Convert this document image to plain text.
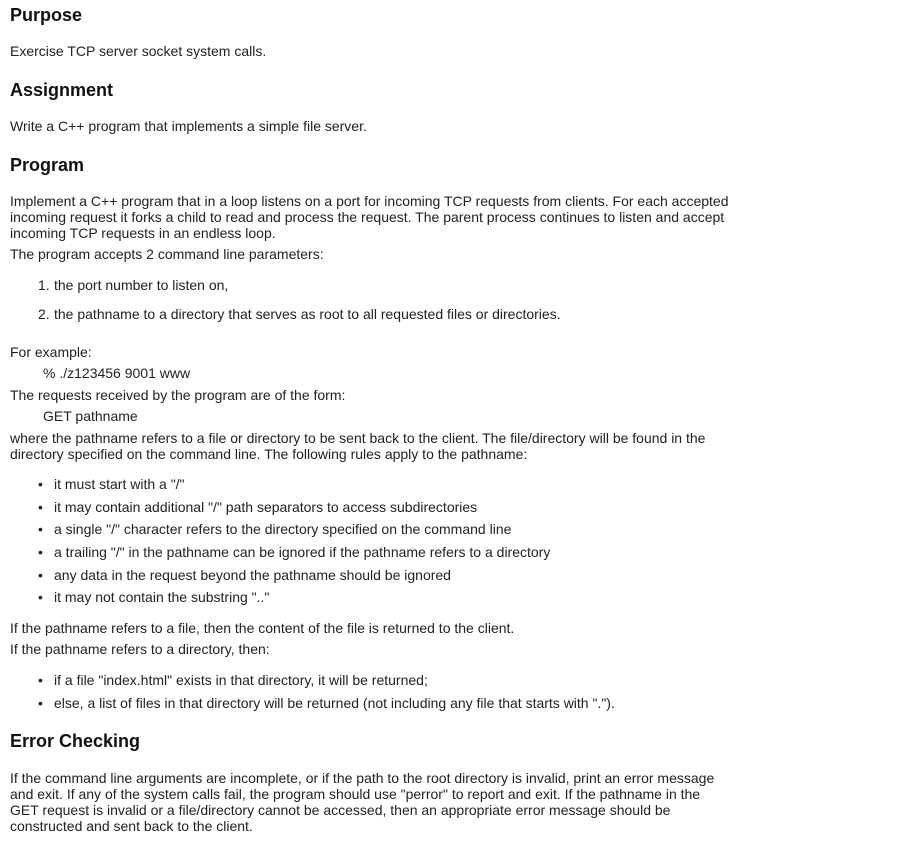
Purpose
Exercise TCP server socket system calls.
Assignment
Write a C++ program that implements a simple file server.
Program
Implement a C++ program that in a loop listens on a port for incoming TCP requests from clients. For each accepted
incoming request it forks a child to read and process the request. The parent process continues to listen and accept
incoming TCP requests in an endless loop.
The program accepts 2 command line parameters:
1. the port number to listen on,
2. the pathname to a directory that serves as root to all requested files or directories.
For example:
% ./z123456 9001 www
The requests received by the program are of the form:
GET pathname
where the pathname refers to a file or directory to be sent back to the client. The file/directory will be found in the
directory specified on the command line. The following rules apply to the pathname:
• it must start with a "/"
• it may contain additional "/" path separators to access subdirectories
• a single "/" character refers to the directory specified on the command line
• a trailing "/" in the pathname can be ignored if the pathname refers to a directory
• any data in the request beyond the pathname should be ignored
• it may not contain the substring ".."
If the pathname refers to a file, then the content of the file is returned to the client.
If the pathname refers to a directory, then:
• if a file "index.html" exists in that directory, it will be returned;
• else, a list of files in that directory will be returned (not including any file that starts with ".").
Error Checking
If the command line arguments are incomplete, or if the path to the root directory is invalid, print an error message
and exit. If any of the system calls fail, the program should use "perror" to report and exit. If the pathname in the
GET request is invalid or a file/directory cannot be accessed, then an appropriate error message should be
constructed and sent back to the client.
